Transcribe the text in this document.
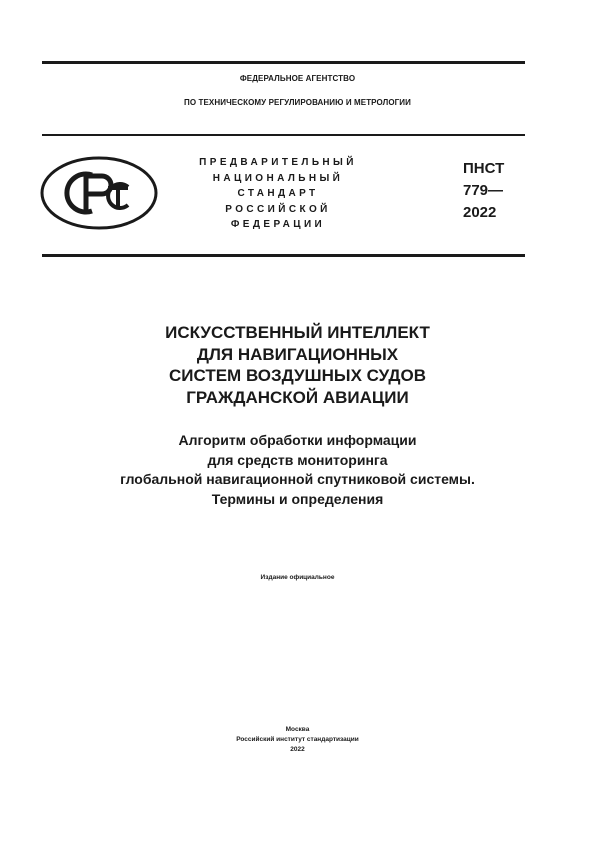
ФЕДЕРАЛЬНОЕ АГЕНТСТВО
ПО ТЕХНИЧЕСКОМУ РЕГУЛИРОВАНИЮ И МЕТРОЛОГИИ
ПРЕДВАРИТЕЛЬНЫЙ
НАЦИОНАЛЬНЫЙ
СТАНДАРТ
РОССИЙСКОЙ
ФЕДЕРАЦИИ
ПНСТ
779—
2022
ИСКУССТВЕННЫЙ ИНТЕЛЛЕКТ
ДЛЯ НАВИГАЦИОННЫХ
СИСТЕМ ВОЗДУШНЫХ СУДОВ
ГРАЖДАНСКОЙ АВИАЦИИ
Алгоритм обработки информации
для средств мониторинга
глобальной навигационной спутниковой системы.
Термины и определения
Издание официальное
Москва
Российский институт стандартизации
2022
